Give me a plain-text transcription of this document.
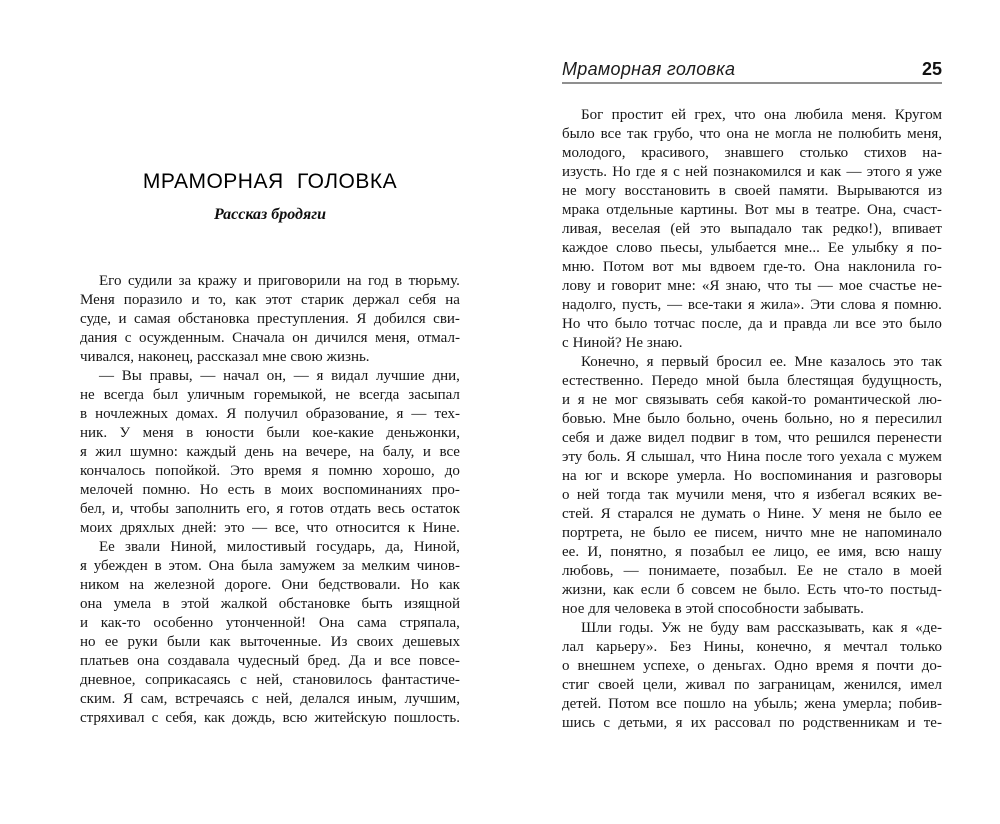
МРАМОРНАЯ ГОЛОВКА
Рассказ бродяги
Его судили за кражу и приговорили на год в тюрьму.
Меня поразило и то, как этот старик держал себя на
суде, и самая обстановка преступления. Я добился сви-
дания с осужденным. Сначала он дичился меня, отмал-
чивался, наконец, рассказал мне свою жизнь.
— Вы правы, — начал он, — я видал лучшие дни,
не всегда был уличным горемыкой, не всегда засыпал
в ночлежных домах. Я получил образование, я — тех-
ник. У меня в юности были кое-какие деньжонки,
я жил шумно: каждый день на вечере, на балу, и все
кончалось попойкой. Это время я помню хорошо, до
мелочей помню. Но есть в моих воспоминаниях про-
бел, и, чтобы заполнить его, я готов отдать весь остаток
моих дряхлых дней: это — все, что относится к Нине.
Ее звали Ниной, милостивый государь, да, Ниной,
я убежден в этом. Она была замужем за мелким чинов-
ником на железной дороге. Они бедствовали. Но как
она умела в этой жалкой обстановке быть изящной
и как-то особенно утонченной! Она сама стряпала,
но ее руки были как выточенные. Из своих дешевых
платьев она создавала чудесный бред. Да и все повсе-
дневное, соприкасаясь с ней, становилось фантастиче-
ским. Я сам, встречаясь с ней, делался иным, лучшим,
стряхивал с себя, как дождь, всю житейскую пошлость.
Мраморная головка	25
Бог простит ей грех, что она любила меня. Кругом
было все так грубо, что она не могла не полюбить меня,
молодого, красивого, знавшего столько стихов на-
изусть. Но где я с ней познакомился и как — этого я уже
не могу восстановить в своей памяти. Вырываются из
мрака отдельные картины. Вот мы в театре. Она, счаст-
ливая, веселая (ей это выпадало так редко!), впивает
каждое слово пьесы, улыбается мне... Ее улыбку я по-
мню. Потом вот мы вдвоем где-то. Она наклонила го-
лову и говорит мне: «Я знаю, что ты — мое счастье не-
надолго, пусть, — все-таки я жила». Эти слова я помню.
Но что было тотчас после, да и правда ли все это было
с Ниной? Не знаю.
Конечно, я первый бросил ее. Мне казалось это так
естественно. Передо мной была блестящая будущность,
и я не мог связывать себя какой-то романтической лю-
бовью. Мне было больно, очень больно, но я пересилил
себя и даже видел подвиг в том, что решился перенести
эту боль. Я слышал, что Нина после того уехала с мужем
на юг и вскоре умерла. Но воспоминания и разговоры
о ней тогда так мучили меня, что я избегал всяких ве-
стей. Я старался не думать о Нине. У меня не было ее
портрета, не было ее писем, ничто мне не напоминало
ее. И, понятно, я позабыл ее лицо, ее имя, всю нашу
любовь, — понимаете, позабыл. Ее не стало в моей
жизни, как если б совсем не было. Есть что-то постыд-
ное для человека в этой способности забывать.
Шли годы. Уж не буду вам рассказывать, как я «де-
лал карьеру». Без Нины, конечно, я мечтал только
о внешнем успехе, о деньгах. Одно время я почти до-
стиг своей цели, живал по заграницам, женился, имел
детей. Потом все пошло на убыль; жена умерла; побив-
шись с детьми, я их рассовал по родственникам и те-
